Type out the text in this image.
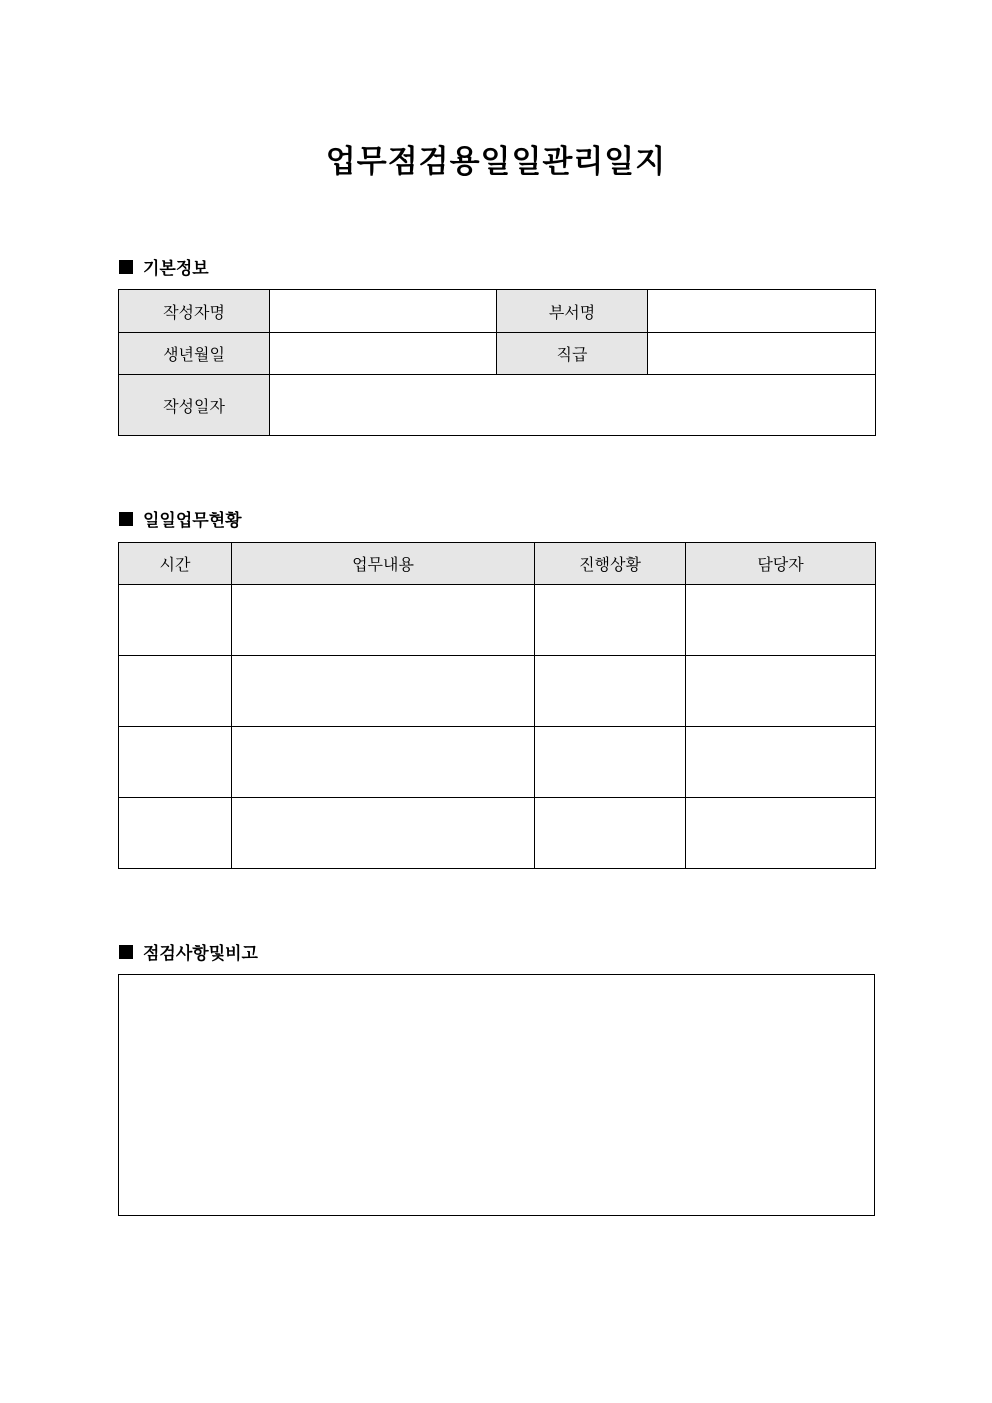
업무점검용일일관리일지
기본정보
작성자명		부서명	
생년월일		직급	
작성일자			
일일업무현황
시간	업무내용	진행상황	담당자

점검사항및비고
